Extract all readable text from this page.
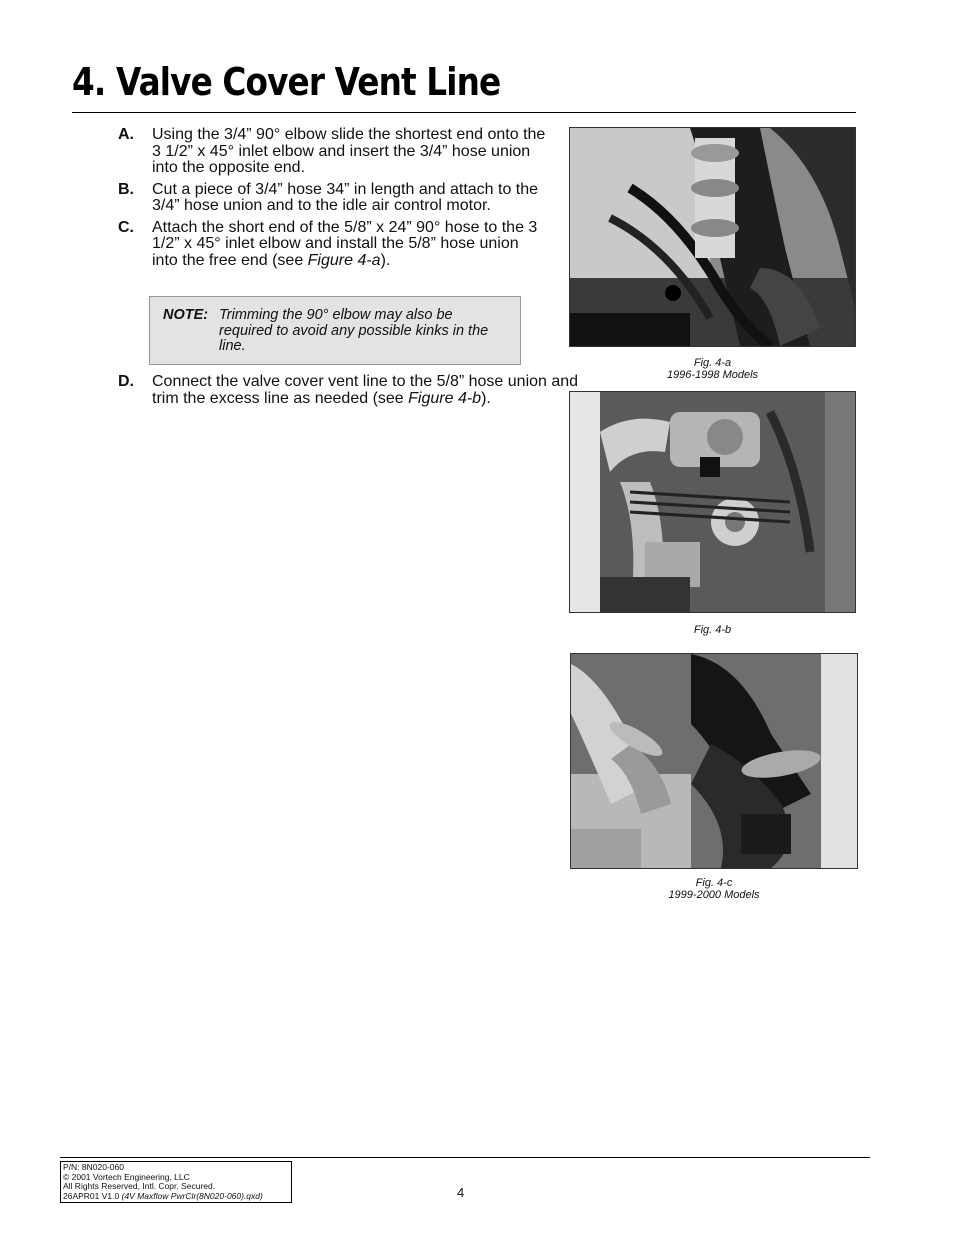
4. Valve Cover Vent Line
A. Using the 3/4” 90° elbow slide the shortest end onto the 3 1/2” x 45° inlet elbow and insert the 3/4” hose union into the opposite end.
B. Cut a piece of 3/4” hose 34” in length and attach to the 3/4” hose union and to the idle air control motor.
C. Attach the short end of the 5/8” x 24” 90° hose to the 3 1/2” x 45° inlet elbow and install the 5/8” hose union into the free end (see Figure 4-a).
NOTE: Trimming the 90° elbow may also be required to avoid any possible kinks in the line.
D. Connect the valve cover vent line to the 5/8” hose union and trim the excess line as needed (see Figure 4-b).
Fig. 4-a
1996-1998 Models
Fig. 4-b
Fig. 4-c
1999-2000 Models
P/N: 8N020-060
© 2001 Vortech Engineering, LLC
All Rights Reserved, Intl. Copr. Secured.
26APR01 V1.0 (4V Maxflow PwrClr(8N020-060).qxd)	4
